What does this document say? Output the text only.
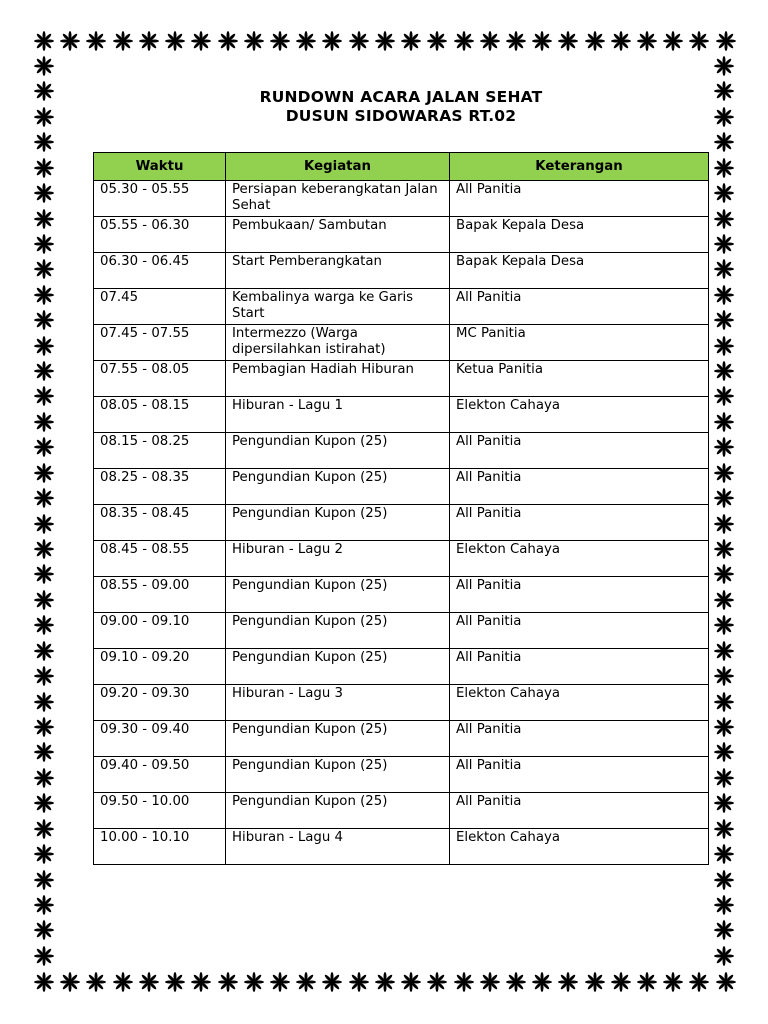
RUNDOWN ACARA JALAN SEHAT
DUSUN SIDOWARAS RT.02
Waktu	Kegiatan	Keterangan
05.30 - 05.55	Persiapan keberangkatan Jalan Sehat	All Panitia
05.55 - 06.30	Pembukaan/ Sambutan	Bapak Kepala Desa
06.30 - 06.45	Start Pemberangkatan	Bapak Kepala Desa
07.45	Kembalinya warga ke Garis Start	All Panitia
07.45 - 07.55	Intermezzo (Warga dipersilahkan istirahat)	MC Panitia
07.55 - 08.05	Pembagian Hadiah Hiburan	Ketua Panitia
08.05 - 08.15	Hiburan - Lagu 1	Elekton Cahaya
08.15 - 08.25	Pengundian Kupon (25)	All Panitia
08.25 - 08.35	Pengundian Kupon (25)	All Panitia
08.35 - 08.45	Pengundian Kupon (25)	All Panitia
08.45 - 08.55	Hiburan - Lagu 2	Elekton Cahaya
08.55 - 09.00	Pengundian Kupon (25)	All Panitia
09.00 - 09.10	Pengundian Kupon (25)	All Panitia
09.10 - 09.20	Pengundian Kupon (25)	All Panitia
09.20 - 09.30	Hiburan - Lagu 3	Elekton Cahaya
09.30 - 09.40	Pengundian Kupon (25)	All Panitia
09.40 - 09.50	Pengundian Kupon (25)	All Panitia
09.50 - 10.00	Pengundian Kupon (25)	All Panitia
10.00 - 10.10	Hiburan - Lagu 4	Elekton Cahaya
